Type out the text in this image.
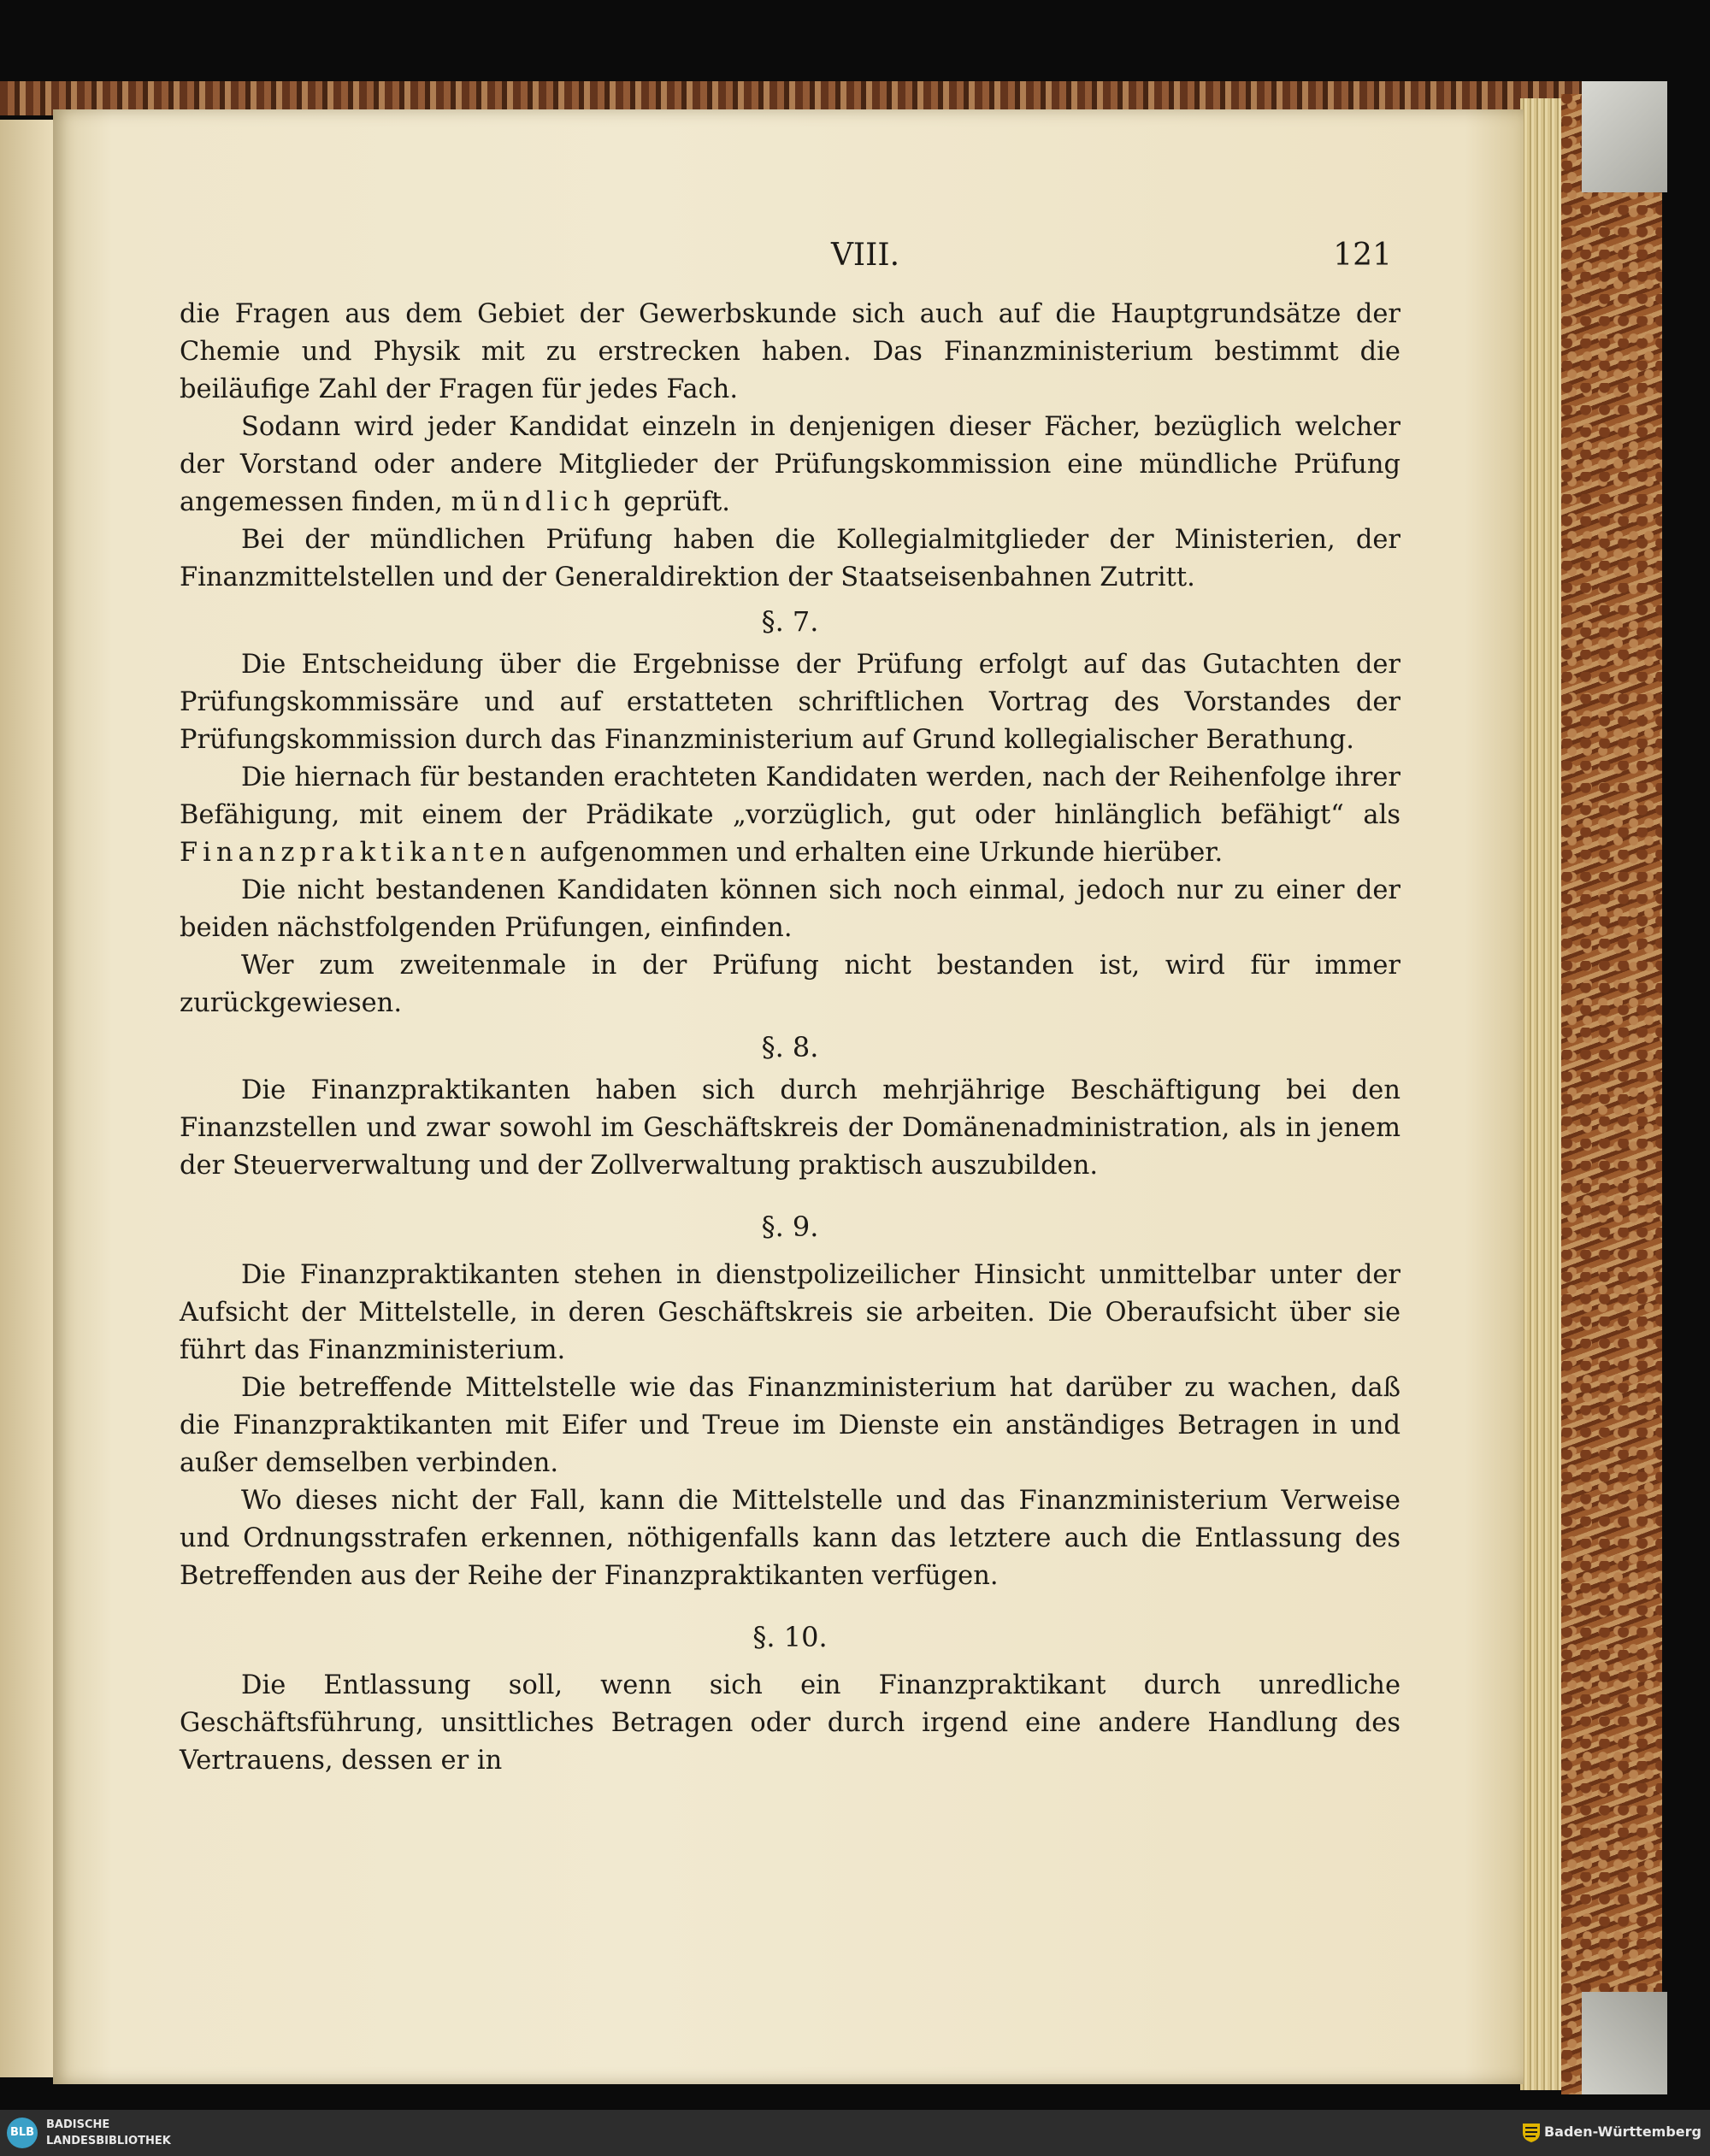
VIII.	121

die Fragen aus dem Gebiet der Gewerbskunde sich auch auf die Hauptgrundsätze der Chemie und Physik mit zu erstrecken haben. Das Finanzministerium bestimmt die beiläufige Zahl der Fragen für jedes Fach.

Sodann wird jeder Kandidat einzeln in denjenigen dieser Fächer, bezüglich welcher der Vorstand oder andere Mitglieder der Prüfungskommission eine mündliche Prüfung angemessen finden, mündlich geprüft.

Bei der mündlichen Prüfung haben die Kollegialmitglieder der Ministerien, der Finanzmittelstellen und der Generaldirektion der Staatseisenbahnen Zutritt.

§. 7.

Die Entscheidung über die Ergebnisse der Prüfung erfolgt auf das Gutachten der Prüfungskommissäre und auf erstatteten schriftlichen Vortrag des Vorstandes der Prüfungskommission durch das Finanzministerium auf Grund kollegialischer Berathung.

Die hiernach für bestanden erachteten Kandidaten werden, nach der Reihenfolge ihrer Befähigung, mit einem der Prädikate „vorzüglich, gut oder hinlänglich befähigt“ als Finanzpraktikanten aufgenommen und erhalten eine Urkunde hierüber.

Die nicht bestandenen Kandidaten können sich noch einmal, jedoch nur zu einer der beiden nächstfolgenden Prüfungen, einfinden.

Wer zum zweitenmale in der Prüfung nicht bestanden ist, wird für immer zurückgewiesen.

§. 8.

Die Finanzpraktikanten haben sich durch mehrjährige Beschäftigung bei den Finanzstellen und zwar sowohl im Geschäftskreis der Domänenadministration, als in jenem der Steuerverwaltung und der Zollverwaltung praktisch auszubilden.

§. 9.

Die Finanzpraktikanten stehen in dienstpolizeilicher Hinsicht unmittelbar unter der Aufsicht der Mittelstelle, in deren Geschäftskreis sie arbeiten. Die Oberaufsicht über sie führt das Finanzministerium.

Die betreffende Mittelstelle wie das Finanzministerium hat darüber zu wachen, daß die Finanzpraktikanten mit Eifer und Treue im Dienste ein anständiges Betragen in und außer demselben verbinden.

Wo dieses nicht der Fall, kann die Mittelstelle und das Finanzministerium Verweise und Ordnungsstrafen erkennen, nöthigenfalls kann das letztere auch die Entlassung des Betreffenden aus der Reihe der Finanzpraktikanten verfügen.

§. 10.

Die Entlassung soll, wenn sich ein Finanzpraktikant durch unredliche Geschäftsführung, unsittliches Betragen oder durch irgend eine andere Handlung des Vertrauens, dessen er in

BLB
BADISCHE
LANDESBIBLIOTHEK
Baden-Württemberg
